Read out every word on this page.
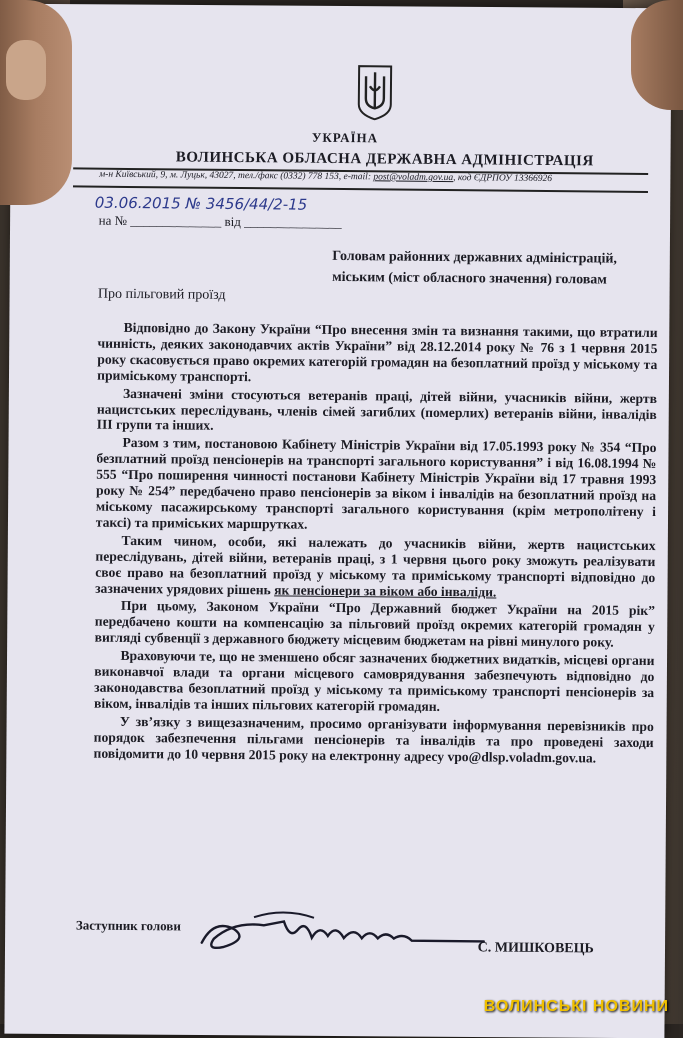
УКРАЇНА
ВОЛИНСЬКА ОБЛАСНА ДЕРЖАВНА АДМІНІСТРАЦІЯ
м-н Київський, 9, м. Луцьк, 43027, тел./факс (0332) 778 153, e-mail: post@voladm.gov.ua, код ЄДРПОУ 13366926
03.06.2015 № 3456/44/2-15
на № ______________ від _______________
Головам районних державних адміністрацій, міським (міст обласного значення) головам
Про пільговий проїзд

Відповідно до Закону України “Про внесення змін та визнання такими, що втратили чинність, деяких законодавчих актів України” від 28.12.2014 року № 76 з 1 червня 2015 року скасовується право окремих категорій громадян на безоплатний проїзд у міському та приміському транспорті.

Зазначені зміни стосуються ветеранів праці, дітей війни, учасників війни, жертв нацистських переслідувань, членів сімей загиблих (померлих) ветеранів війни, інвалідів ІІІ групи та інших.

Разом з тим, постановою Кабінету Міністрів України від 17.05.1993 року № 354 “Про безплатний проїзд пенсіонерів на транспорті загального користування” і від 16.08.1994 № 555 “Про поширення чинності постанови Кабінету Міністрів України від 17 травня 1993 року № 254” передбачено право пенсіонерів за віком і інвалідів на безоплатний проїзд на міському пасажирському транспорті загального користування (крім метрополітену і таксі) та приміських маршрутках.

Таким чином, особи, які належать до учасників війни, жертв нацистських переслідувань, дітей війни, ветеранів праці, з 1 червня цього року зможуть реалізувати своє право на безоплатний проїзд у міському та приміському транспорті відповідно до зазначених урядових рішень як пенсіонери за віком або інваліди.

При цьому, Законом України “Про Державний бюджет України на 2015 рік” передбачено кошти на компенсацію за пільговий проїзд окремих категорій громадян у вигляді субвенції з державного бюджету місцевим бюджетам на рівні минулого року.

Враховуючи те, що не зменшено обсяг зазначених бюджетних видатків, місцеві органи виконавчої влади та органи місцевого самоврядування забезпечують відповідно до законодавства безоплатний проїзд у міському та приміському транспорті пенсіонерів за віком, інвалідів та інших пільгових категорій громадян.

У зв’язку з вищезазначеним, просимо організувати інформування перевізників про порядок забезпечення пільгами пенсіонерів та інвалідів та про проведені заходи повідомити до 10 червня 2015 року на електронну адресу vpo@dlsp.voladm.gov.ua.

Заступник голови
С. МИШКОВЕЦЬ
ВОЛИНСЬКІ НОВИНИ
